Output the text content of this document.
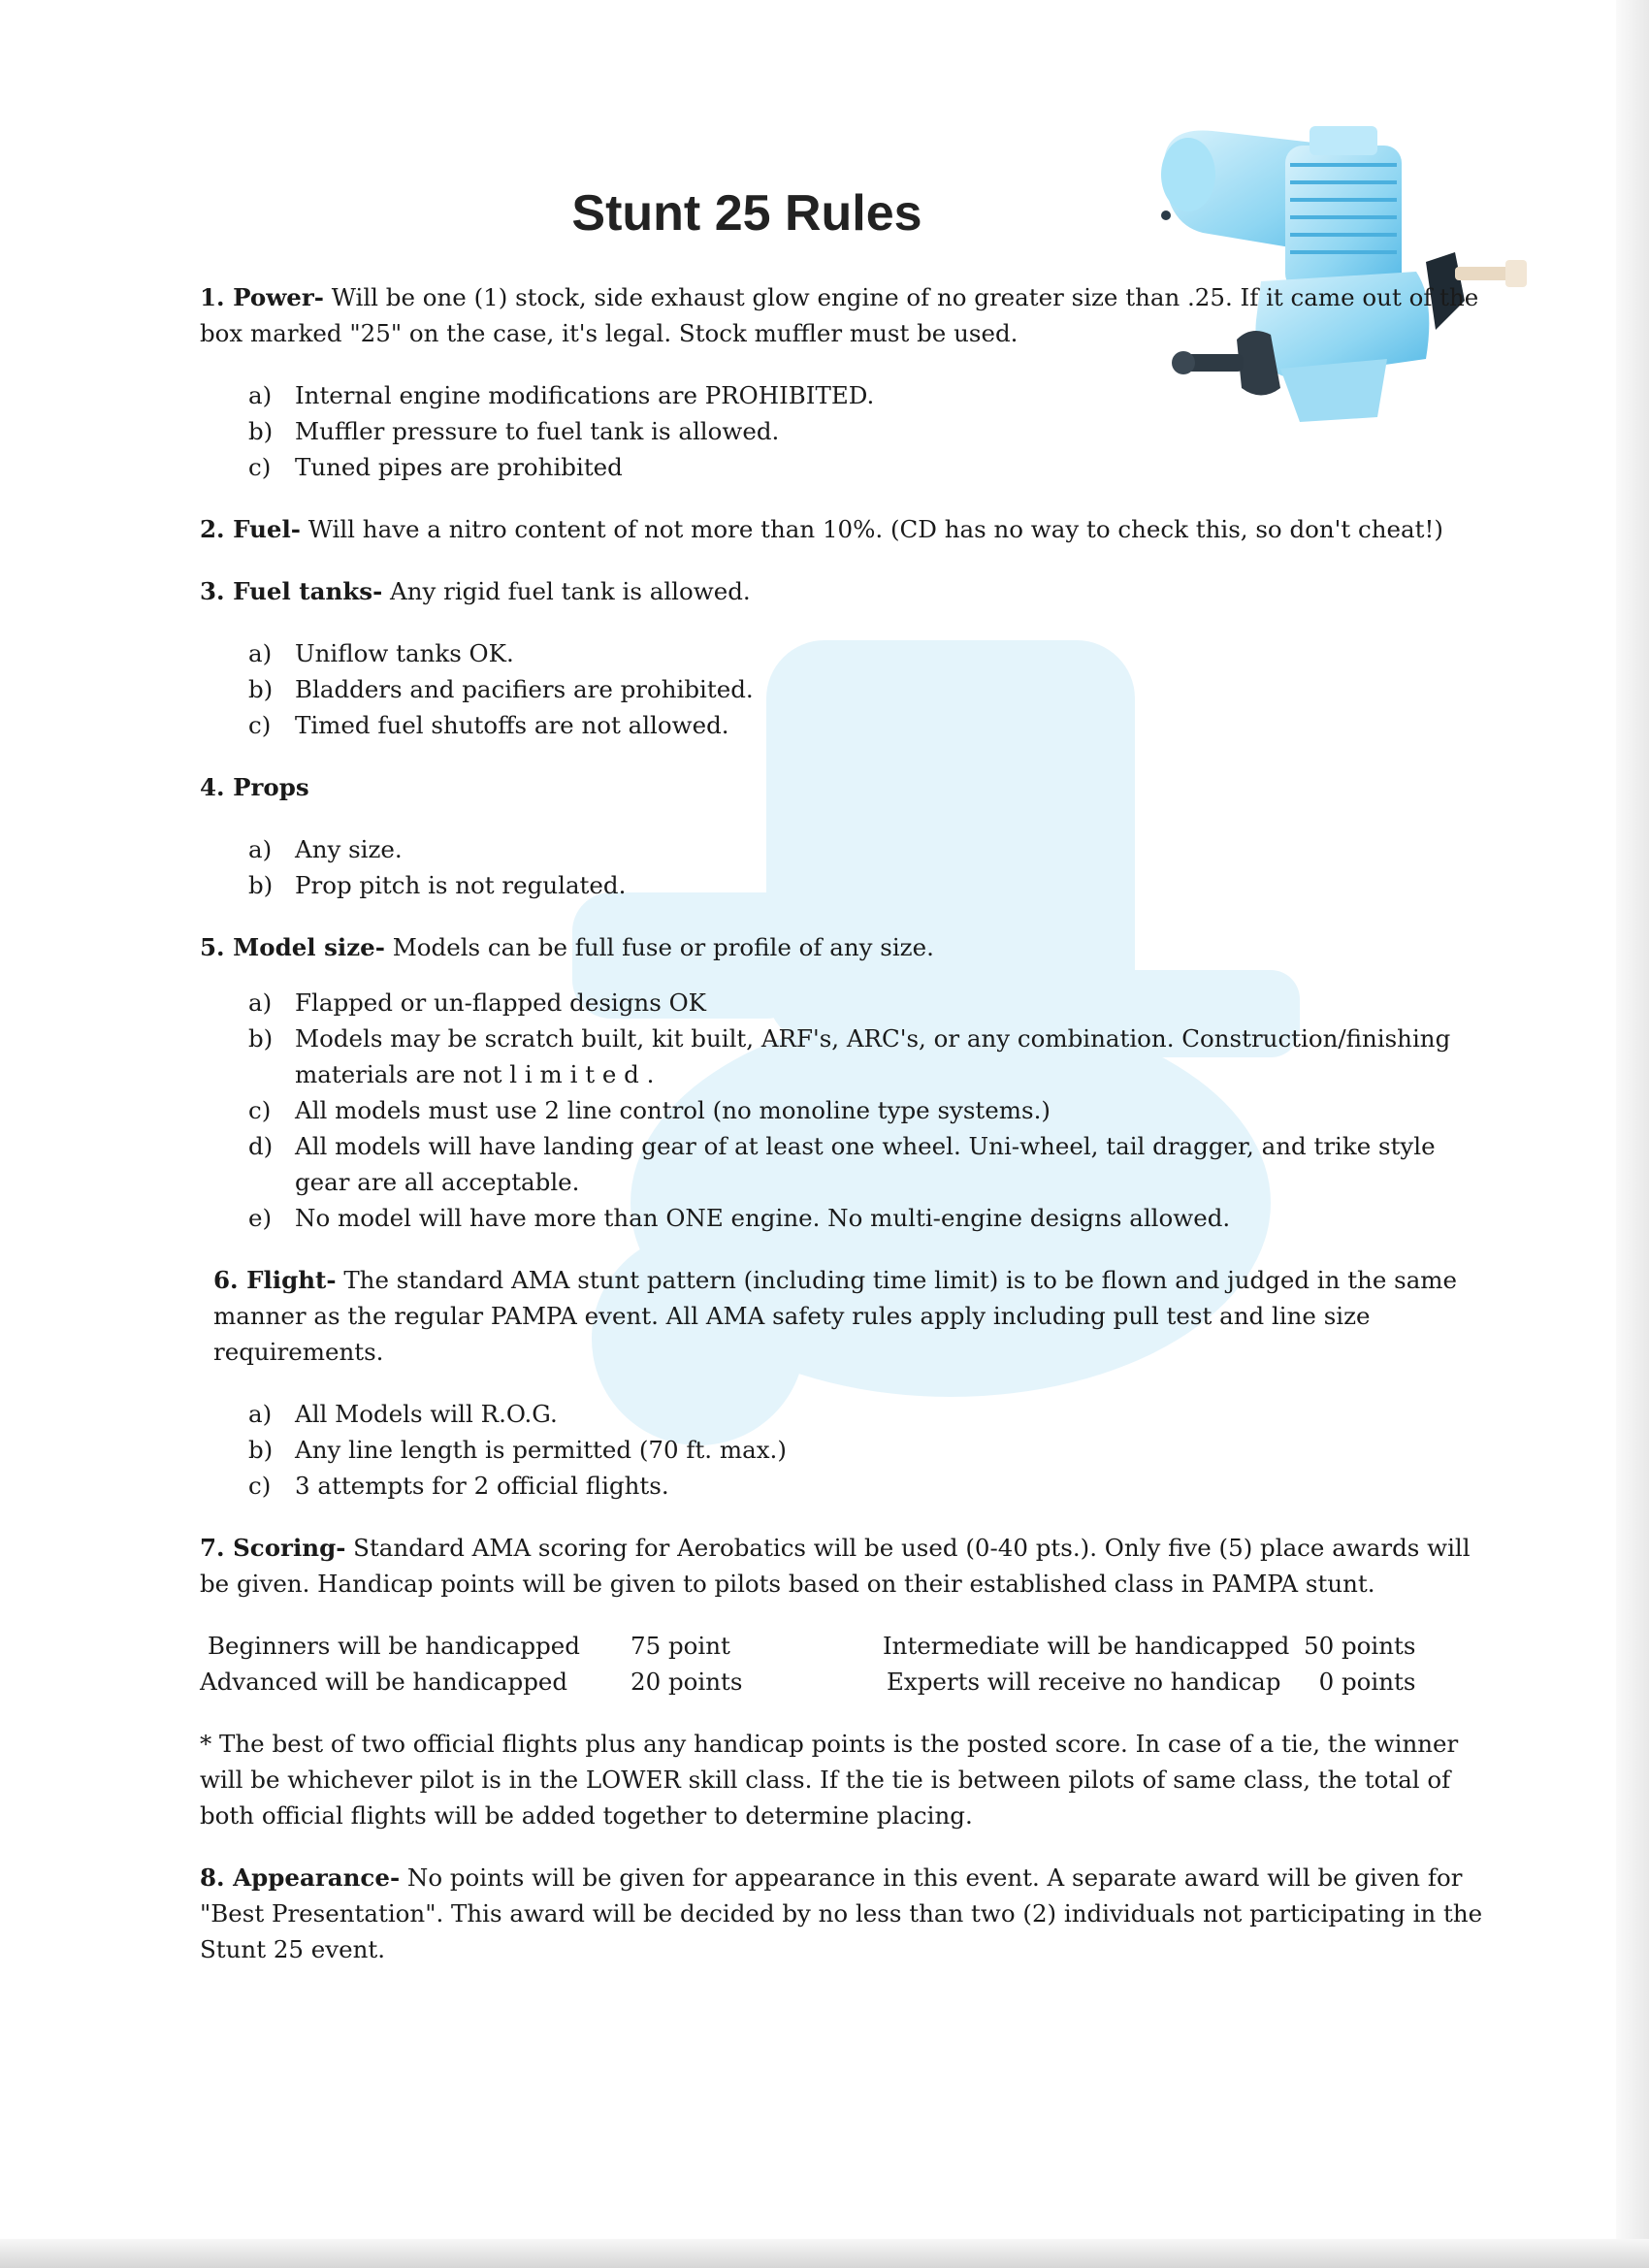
Stunt 25 Rules

1. Power- Will be one (1) stock, side exhaust glow engine of no greater size than .25. If it came out of the box marked "25" on the case, it's legal. Stock muffler must be used.

a) Internal engine modifications are PROHIBITED.
b) Muffler pressure to fuel tank is allowed.
c)	Tuned pipes are prohibited

2. Fuel- Will have a nitro content of not more than 10%. (CD has no way to check this, so don't cheat!)

3. Fuel tanks- Any rigid fuel tank is allowed.

a) Uniflow tanks OK.
b) Bladders and pacifiers are prohibited.
c)	Timed fuel shutoffs are not allowed.

4. Props

a) Any size.
b) Prop pitch is not regulated.

5. Model size- Models can be full fuse or profile of any size.

a) Flapped or un-flapped designs OK
b) Models may be scratch built, kit built, ARF's, ARC's, or any combination. Construction/finishing materials are not l i m i t e d .
c)	All models must use 2 line control (no monoline type systems.)
d) All models will have landing gear of at least one wheel. Uni-wheel, tail dragger, and trike style gear are all acceptable.
e) No model will have more than ONE engine. No multi-engine designs allowed.

6. Flight- The standard AMA stunt pattern (including time limit) is to be flown and judged in the same manner as the regular PAMPA event. All AMA safety rules apply including pull test and line size requirements.

a) All Models will R.O.G.
b) Any line length is permitted (70 ft. max.)
c)	3 attempts for 2 official flights.

7. Scoring- Standard AMA scoring for Aerobatics will be used (0-40 pts.). Only five (5) place awards will be given. Handicap points will be given to pilots based on their established class in PAMPA stunt.

Beginners will be handicapped	75 point	Intermediate will be handicapped	50 points
Advanced will be handicapped	20 points	Experts will receive no handicap	0 points

* The best of two official flights plus any handicap points is the posted score. In case of a tie, the winner will be whichever pilot is in the LOWER skill class. If the tie is between pilots of same class, the total of both official flights will be added together to determine placing.

8. Appearance- No points will be given for appearance in this event. A separate award will be given for "Best Presentation". This award will be decided by no less than two (2) individuals not participating in the Stunt 25 event.
